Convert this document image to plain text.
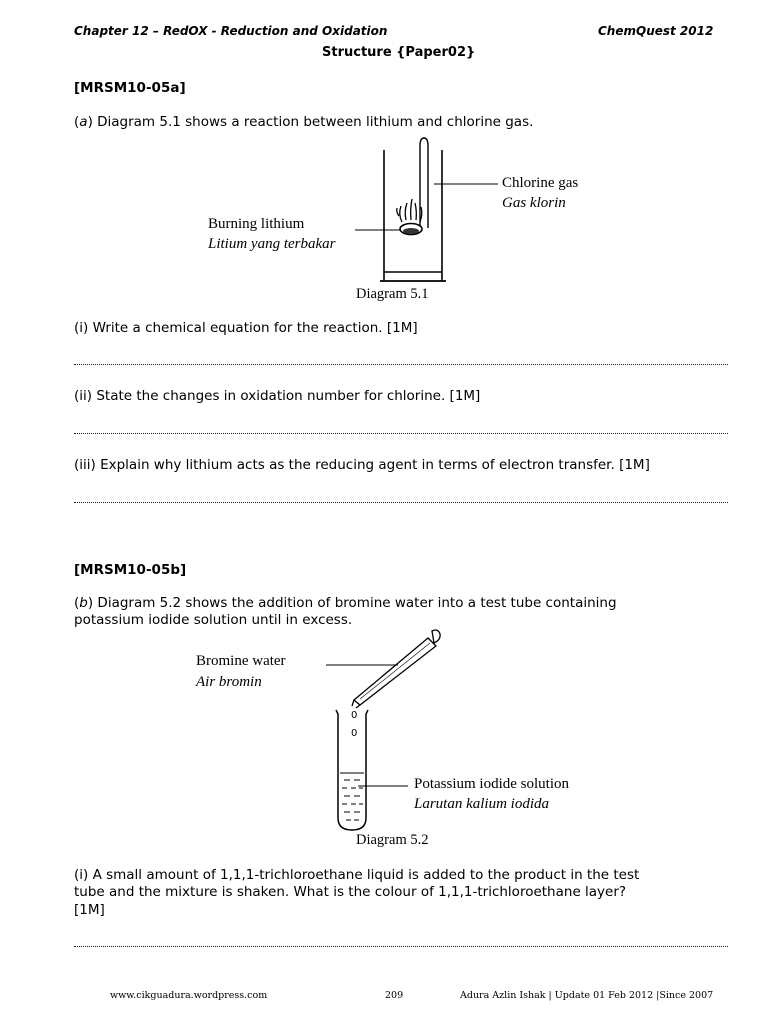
Chapter 12 – RedOX - Reduction and Oxidation	ChemQuest 2012
Structure {Paper02}
[MRSM10-05a]
(a) Diagram 5.1 shows a reaction between lithium and chlorine gas.
Chlorine gas
Gas klorin
Burning lithium
Litium yang terbakar
Diagram 5.1
(i) Write a chemical equation for the reaction. [1M]
(ii) State the changes in oxidation number for chlorine. [1M]
(iii) Explain why lithium acts as the reducing agent in terms of electron transfer. [1M]
[MRSM10-05b]
(b) Diagram 5.2 shows the addition of bromine water into a test tube containing
potassium iodide solution until in excess.
0
0
Bromine water
Air bromin
Potassium iodide solution
Larutan kalium iodida
Diagram 5.2
(i) A small amount of 1,1,1-trichloroethane liquid is added to the product in the test
tube and the mixture is shaken. What is the colour of 1,1,1-trichloroethane layer?
[1M]
www.cikguadura.wordpress.com	209	Adura Azlin Ishak | Update 01 Feb 2012 |Since 2007
